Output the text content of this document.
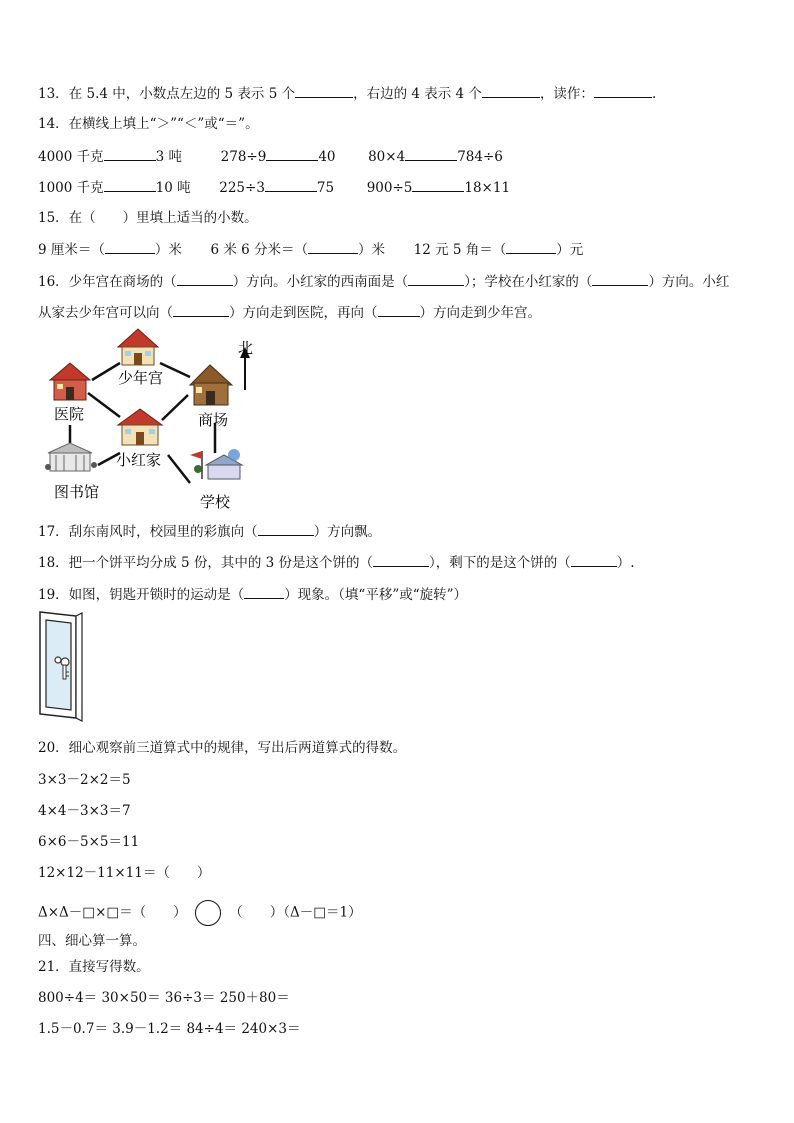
13．在 5.4 中，小数点左边的 5 表示 5 个	，右边的 4 表示 4 个	，读作：	.
14．在横线上填上“＞”“＜”或“＝”。
4000 千克	3 吨	278÷9	40 80×4	784÷6
1000 千克	10 吨 225÷3	75 900÷5	18×11
15．在（　　）里填上适当的小数。
9 厘米＝（	）米 6 米 6 分米＝（	）米 12 元 5 角＝（	）元
16．少年宫在商场的（	）方向。小红家的西南面是（	）；学校在小红家的（	）方向。小红
从家去少年宫可以向（	）方向走到医院，再向（	）方向走到少年宫。
北
少年宫
医院	商场
小红家
图书馆
学校
17．刮东南风时，校园里的彩旗向（	）方向飘。
18．把一个饼平均分成 5 份，其中的 3 份是这个饼的（	），剩下的是这个饼的（	）.
19．如图，钥匙开锁时的运动是（	）现象。（填“平移”或“旋转”）
20．细心观察前三道算式中的规律，写出后两道算式的得数。
3×3－2×2＝5
4×4－3×3＝7
6×6－5×5＝11
12×12－11×11＝（　　）
Δ×Δ－□×□＝（　　）	（　　）（Δ－□＝1）
四、细心算一算。
21．直接写得数。
800÷4＝ 30×50＝ 36÷3＝ 250＋80＝
1.5－0.7＝ 3.9－1.2＝ 84÷4＝ 240×3＝
